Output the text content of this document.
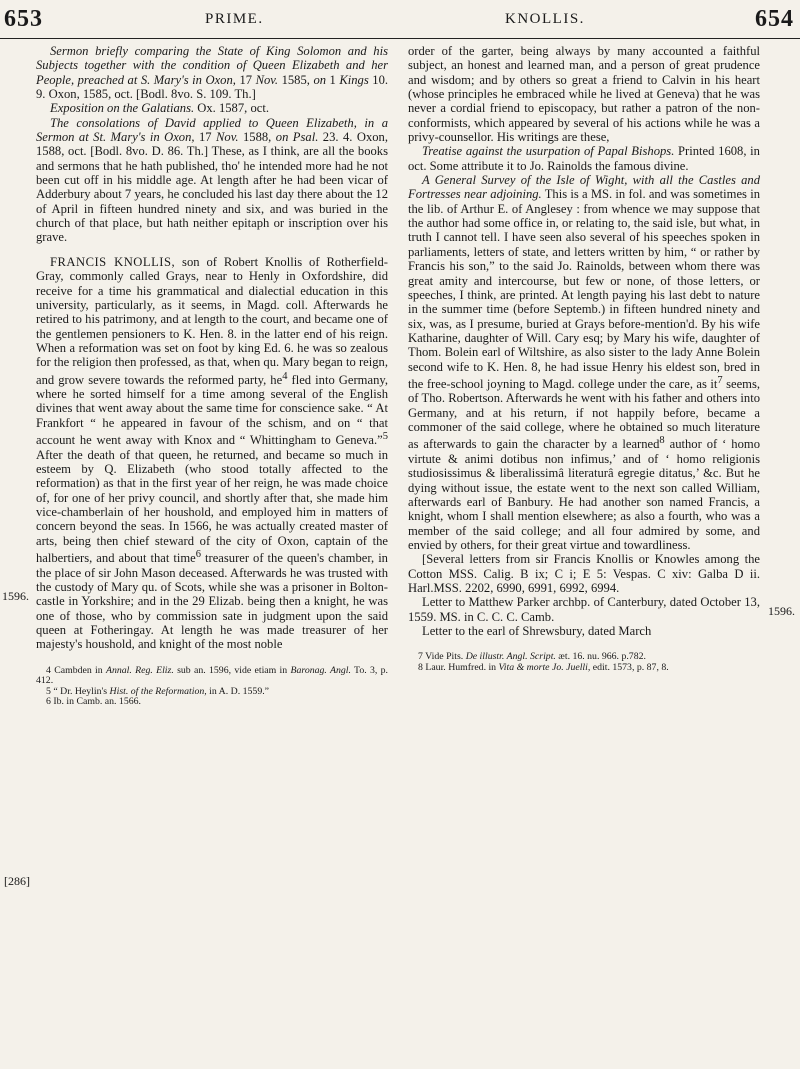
653	PRIME.	KNOLLIS.	654
1596.
[286]
1596.

Sermon briefly comparing the State of King Solomon and his Subjects together with the condition of Queen Elizabeth and her People, preached at S. Mary's in Oxon, 17 Nov. 1585, on 1 Kings 10. 9. Oxon, 1585, oct. [Bodl. 8vo. S. 109. Th.]

Exposition on the Galatians. Ox. 1587, oct.

The consolations of David applied to Queen Elizabeth, in a Sermon at St. Mary's in Oxon, 17 Nov. 1588, on Psal. 23. 4. Oxon, 1588, oct. [Bodl. 8vo. D. 86. Th.] These, as I think, are all the books and sermons that he hath published, tho' he intended more had he not been cut off in his middle age. At length after he had been vicar of Adderbury about 7 years, he concluded his last day there about the 12 of April in fifteen hundred ninety and six, and was buried in the church of that place, but hath neither epitaph or inscription over his grave.

FRANCIS KNOLLIS, son of Robert Knollis of Rotherfield-Gray, commonly called Grays, near to Henly in Oxfordshire, did receive for a time his grammatical and dialectial education in this university, particularly, as it seems, in Magd. coll. Afterwards he retired to his patrimony, and at length to the court, and became one of the gentlemen pensioners to K. Hen. 8. in the latter end of his reign. When a reformation was set on foot by king Ed. 6. he was so zealous for the religion then professed, as that, when qu. Mary began to reign, and grow severe towards the reformed party, $he^4$ fled into Germany, where he sorted himself for a time among several of the English divines that went away about the same time for conscience sake. “ At Frankfort “ he appeared in favour of the schism, and on “ that account he went away with Knox and “ Whittingham to Geneva.”$^5$ After the death of that queen, he returned, and became so much in esteem by Q. Elizabeth (who stood totally affected to the reformation) as that in the first year of her reign, he was made choice of, for one of her privy council, and shortly after that, she made him vice-chamberlain of her houshold, and employed him in matters of concern beyond the seas. In 1566, he was actually created master of arts, being then chief steward of the city of Oxon, captain of the halbertiers, and about that time$^6$ treasurer of the queen's chamber, in the place of sir John Mason deceased. Afterwards he was trusted with the custody of Mary qu. of Scots, while she was a prisoner in Bolton-castle in Yorkshire; and in the 29 Elizab. being then a knight, he was one of those, who by commission sate in judgment upon the said queen at Fotheringay. At length he was made treasurer of her majesty's houshold, and knight of the most noble

4 Cambden in Annal. Reg. Eliz. sub an. 1596, vide etiam in Baronag. Angl. To. 3, p. 412.
5 “ Dr. Heylin's Hist. of the Reformation, in A. D. 1559.”
6 Ib. in Camb. an. 1566.

order of the garter, being always by many accounted a faithful subject, an honest and learned man, and a person of great prudence and wisdom; and by others so great a friend to Calvin in his heart (whose principles he embraced while he lived at Geneva) that he was never a cordial friend to episcopacy, but rather a patron of the non-conformists, which appeared by several of his actions while he was a privy-counsellor. His writings are these,

Treatise against the usurpation of Papal Bishops. Printed 1608, in oct. Some attribute it to Jo. Rainolds the famous divine.

A General Survey of the Isle of Wight, with all the Castles and Fortresses near adjoining. This is a MS. in fol. and was sometimes in the lib. of Arthur E. of Anglesey : from whence we may suppose that the author had some office in, or relating to, the said isle, but what, in truth I cannot tell. I have seen also several of his speeches spoken in parliaments, letters of state, and letters written by him, “ or rather by Francis his son,” to the said Jo. Rainolds, between whom there was great amity and intercourse, but few or none, of those letters, or speeches, I think, are printed. At length paying his last debt to nature in the summer time (before Septemb.) in fifteen hundred ninety and six, was, as I presume, buried at Grays before-mention'd. By his wife Katharine, daughter of Will. Cary esq; by Mary his wife, daughter of Thom. Bolein earl of Wiltshire, as also sister to the lady Anne Bolein second wife to K. Hen. 8, he had issue Henry his eldest son, bred in the free-school joyning to Magd. college under the care, as $it^7$ seems, of Tho. Robertson. Afterwards he went with his father and others into Germany, and at his return, if not happily before, became a commoner of the said college, where he obtained so much literature as afterwards to gain the character by a learned$^8$ author of ‘ homo virtute & animi dotibus non infimus,’ and of ‘ homo religionis studiosissimus & liberalissimâ literaturâ egregie ditatus,’ &c. But he dying without issue, the estate went to the next son called William, afterwards earl of Banbury. He had another son named Francis, a knight, whom I shall mention elsewhere; as also a fourth, who was a member of the said college; and all four admired by some, and envied by others, for their great virtue and towardliness.

[Several letters from sir Francis Knollis or Knowles among the Cotton MSS. Calig. B ix; C i; E 5: Vespas. C xiv: Galba D ii. Harl.MSS. 2202, 6990, 6991, 6992, 6994.

Letter to Matthew Parker archbp. of Canterbury, dated October 13, 1559. MS. in C. C. C. Camb.

Letter to the earl of Shrewsbury, dated March

7 Vide Pits. De illustr. Angl. Script. æt. 16. nu. 966. p.782.
8 Laur. Humfred. in Vita & morte Jo. Juelli, edit. 1573, p. 87, 8.
